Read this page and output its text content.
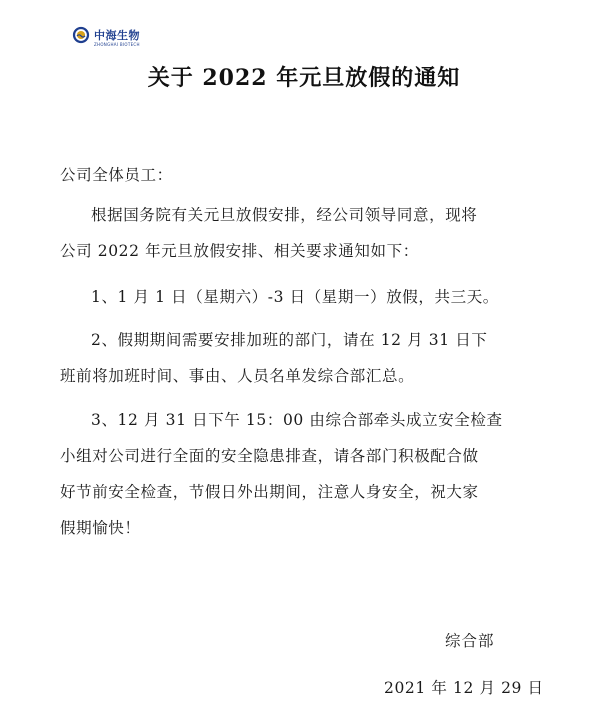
中海生物
ZHONGHAI BIOTECH
关于 2022 年元旦放假的通知
公司全体员工：
根据国务院有关元旦放假安排，经公司领导同意，现将
公司 2022 年元旦放假安排、相关要求通知如下：
1、1 月 1 日（星期六）-3 日（星期一）放假，共三天。
2、假期期间需要安排加班的部门，请在 12 月 31 日下
班前将加班时间、事由、人员名单发综合部汇总。
3、12 月 31 日下午 15：00 由综合部牵头成立安全检查
小组对公司进行全面的安全隐患排查，请各部门积极配合做
好节前安全检查，节假日外出期间，注意人身安全，祝大家
假期愉快！
综合部
2021 年 12 月 29 日
